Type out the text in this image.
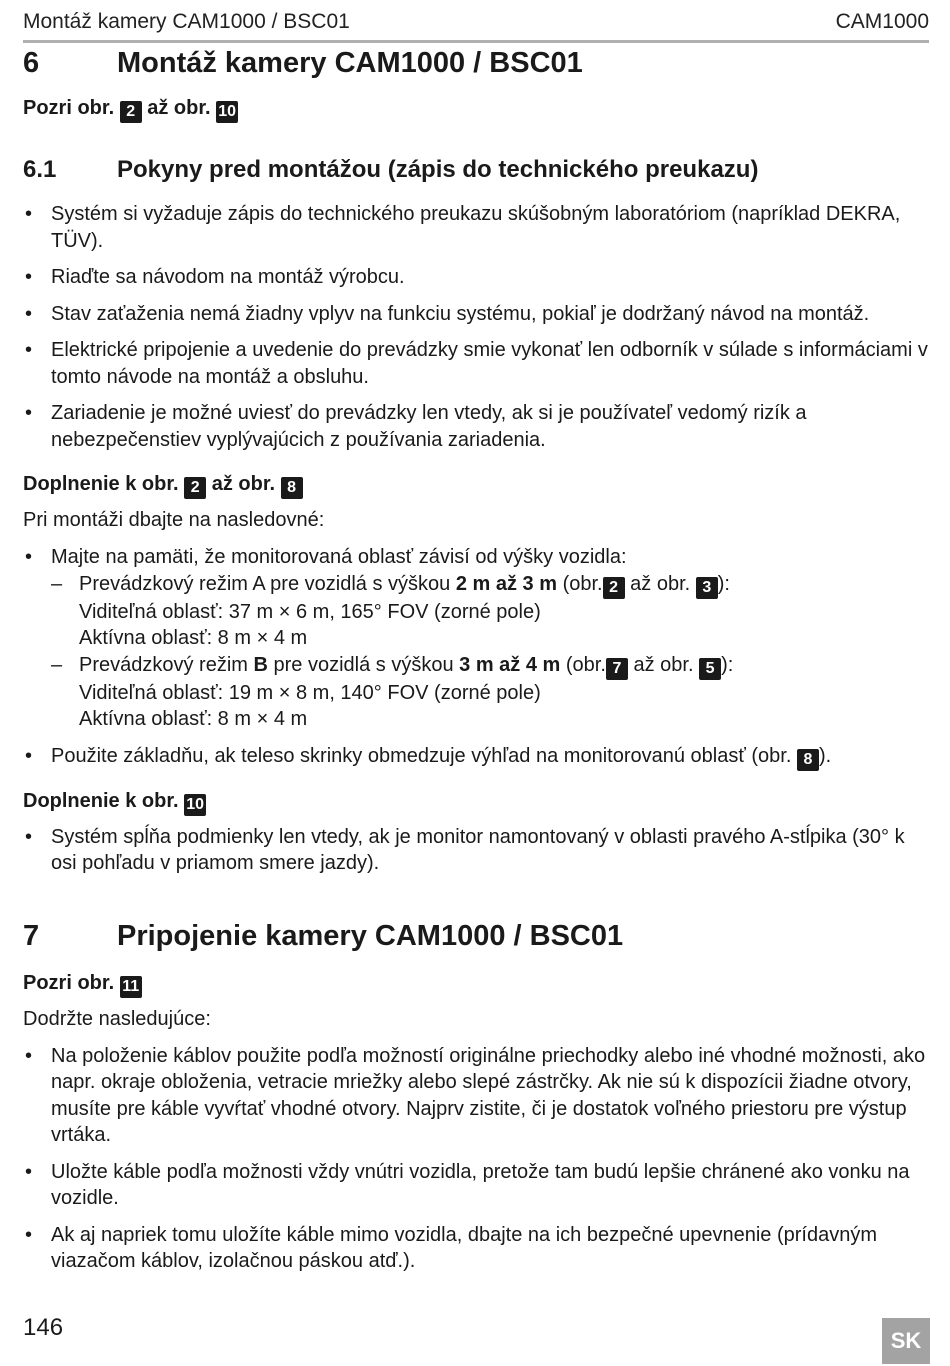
Montáž kamery CAM1000 / BSC01	CAM1000
6	Montáž kamery CAM1000 / BSC01

Pozri obr. 2 až obr. 10

6.1	Pokyny pred montážou (zápis do technického preukazu)
• Systém si vyžaduje zápis do technického preukazu skúšobným laboratóriom (napríklad DEKRA, TÜV).
• Riaďte sa návodom na montáž výrobcu.
• Stav zaťaženia nemá žiadny vplyv na funkciu systému, pokiaľ je dodržaný návod na montáž.
• Elektrické pripojenie a uvedenie do prevádzky smie vykonať len odborník v súlade s informáciami v tomto návode na montáž a obsluhu.
• Zariadenie je možné uviesť do prevádzky len vtedy, ak si je používateľ vedomý rizík a nebezpečenstiev vyplývajúcich z používania zariadenia.

Doplnenie k obr. 2 až obr. 8

Pri montáži dbajte na nasledovné:

• Majte na pamäti, že monitorovaná oblasť závisí od výšky vozidla:
– Prevádzkový režim A pre vozidlá s výškou 2 m až 3 m (obr. 2 až obr. 3 ):
Viditeľná oblasť: 37 m × 6 m, 165° FOV (zorné pole)
Aktívna oblasť: 8 m × 4 m
– Prevádzkový režim B pre vozidlá s výškou 3 m až 4 m (obr. 7 až obr. 5 ):
Viditeľná oblasť: 19 m × 8 m, 140° FOV (zorné pole)
Aktívna oblasť: 8 m × 4 m
• Použite základňu, ak teleso skrinky obmedzuje výhľad na monitorovanú oblasť (obr. 8 ).

Doplnenie k obr. 10

• Systém spĺňa podmienky len vtedy, ak je monitor namontovaný v oblasti pravého A-stĺpika (30° k osi pohľadu v priamom smere jazdy).
7	Pripojenie kamery CAM1000 / BSC01

Pozri obr. 11

Dodržte nasledujúce:

• Na položenie káblov použite podľa možností originálne priechodky alebo iné vhodné možnosti, ako napr. okraje obloženia, vetracie mriežky alebo slepé zástrčky. Ak nie sú k dispozícii žiadne otvory, musíte pre káble vyvŕtať vhodné otvory. Najprv zistite, či je dostatok voľného priestoru pre výstup vrtáka.
• Uložte káble podľa možnosti vždy vnútri vozidla, pretože tam budú lepšie chránené ako vonku na vozidle.
• Ak aj napriek tomu uložíte káble mimo vozidla, dbajte na ich bezpečné upevnenie (prídavným viazačom káblov, izolačnou páskou atď.).
146	SK
